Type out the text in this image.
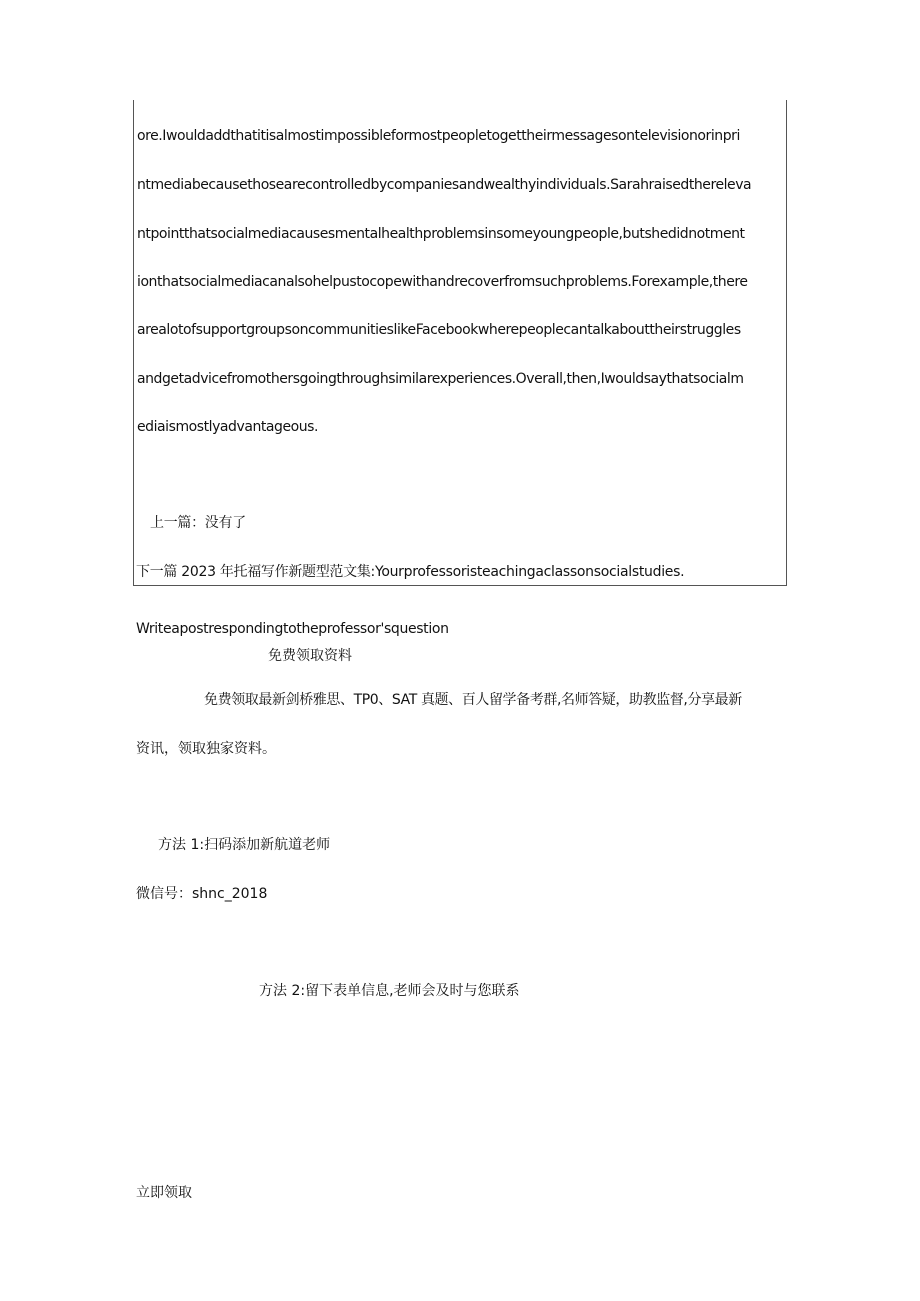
ore.Iwouldaddthatitisalmostimpossibleformostpeopletogettheirmessagesontelevisionorinpri
ntmediabecausethosearecontrolledbycompaniesandwealthyindividuals.Sarahraisedthereleva
ntpointthatsocialmediacausesmentalhealthproblemsinsomeyoungpeople,butshedidnotment
ionthatsocialmediacanalsohelpustocopewithandrecoverfromsuchproblems.Forexample,there
arealotofsupportgroupsoncommunitieslikeFacebookwherepeoplecantalkabouttheirstruggles
andgetadvicefromothersgoingthroughsimilarexperiences.Overall,then,Iwouldsaythatsocialm
ediaismostlyadvantageous.
上一篇：没有了
下一篇 2023 年托福写作新题型范文集:Yourprofessoristeachingaclassonsocialstudies.
Writeapostrespondingtotheprofessor'squestion
免费领取资料
免费领取最新剑桥雅思、TP0、SAT 真题、百人留学备考群,名师答疑，助教监督,分享最新
资讯，领取独家资料。
方法 1:扫码添加新航道老师
微信号：shnc_2018
方法 2:留下表单信息,老师会及时与您联系
立即领取
